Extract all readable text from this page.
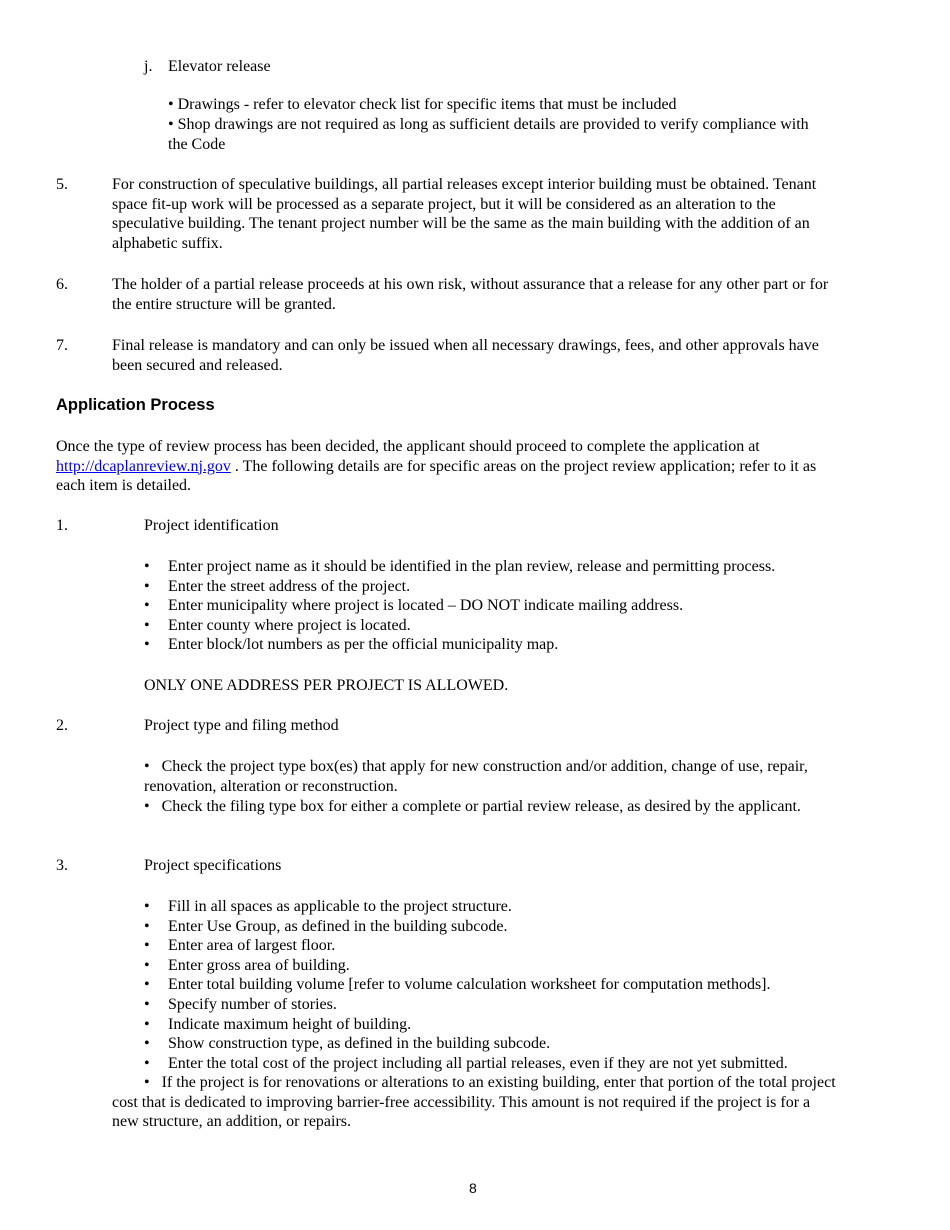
j. Elevator release
• Drawings - refer to elevator check list for specific items that must be included
• Shop drawings are not required as long as sufficient details are provided to verify compliance with the Code
5.	For construction of speculative buildings, all partial releases except interior building must be obtained. Tenant space fit-up work will be processed as a separate project, but it will be considered as an alteration to the speculative building. The tenant project number will be the same as the main building with the addition of an alphabetic suffix.
6.	The holder of a partial release proceeds at his own risk, without assurance that a release for any other part or for the entire structure will be granted.
7.	Final release is mandatory and can only be issued when all necessary drawings, fees, and other approvals have been secured and released.
Application Process
Once the type of review process has been decided, the applicant should proceed to complete the application at
http://dcaplanreview.nj.gov . The following details are for specific areas on the project review application; refer to it as each item is detailed.
1.	Project identification
• Enter project name as it should be identified in the plan review, release and permitting process.
• Enter the street address of the project.
• Enter municipality where project is located – DO NOT indicate mailing address.
• Enter county where project is located.
• Enter block/lot numbers as per the official municipality map.
ONLY ONE ADDRESS PER PROJECT IS ALLOWED.
2.	Project type and filing method
•   Check the project type box(es) that apply for new construction and/or addition, change of use, repair, renovation, alteration or reconstruction.
•   Check the filing type box for either a complete or partial review release, as desired by the applicant.
3.	Project specifications
• Fill in all spaces as applicable to the project structure.
• Enter Use Group, as defined in the building subcode.
• Enter area of largest floor.
• Enter gross area of building.
• Enter total building volume [refer to volume calculation worksheet for computation methods].
• Specify number of stories.
• Indicate maximum height of building.
• Show construction type, as defined in the building subcode.
• Enter the total cost of the project including all partial releases, even if they are not yet submitted.
•   If the project is for renovations or alterations to an existing building, enter that portion of the total project cost that is dedicated to improving barrier-free accessibility. This amount is not required if the project is for a new structure, an addition, or repairs.
8
